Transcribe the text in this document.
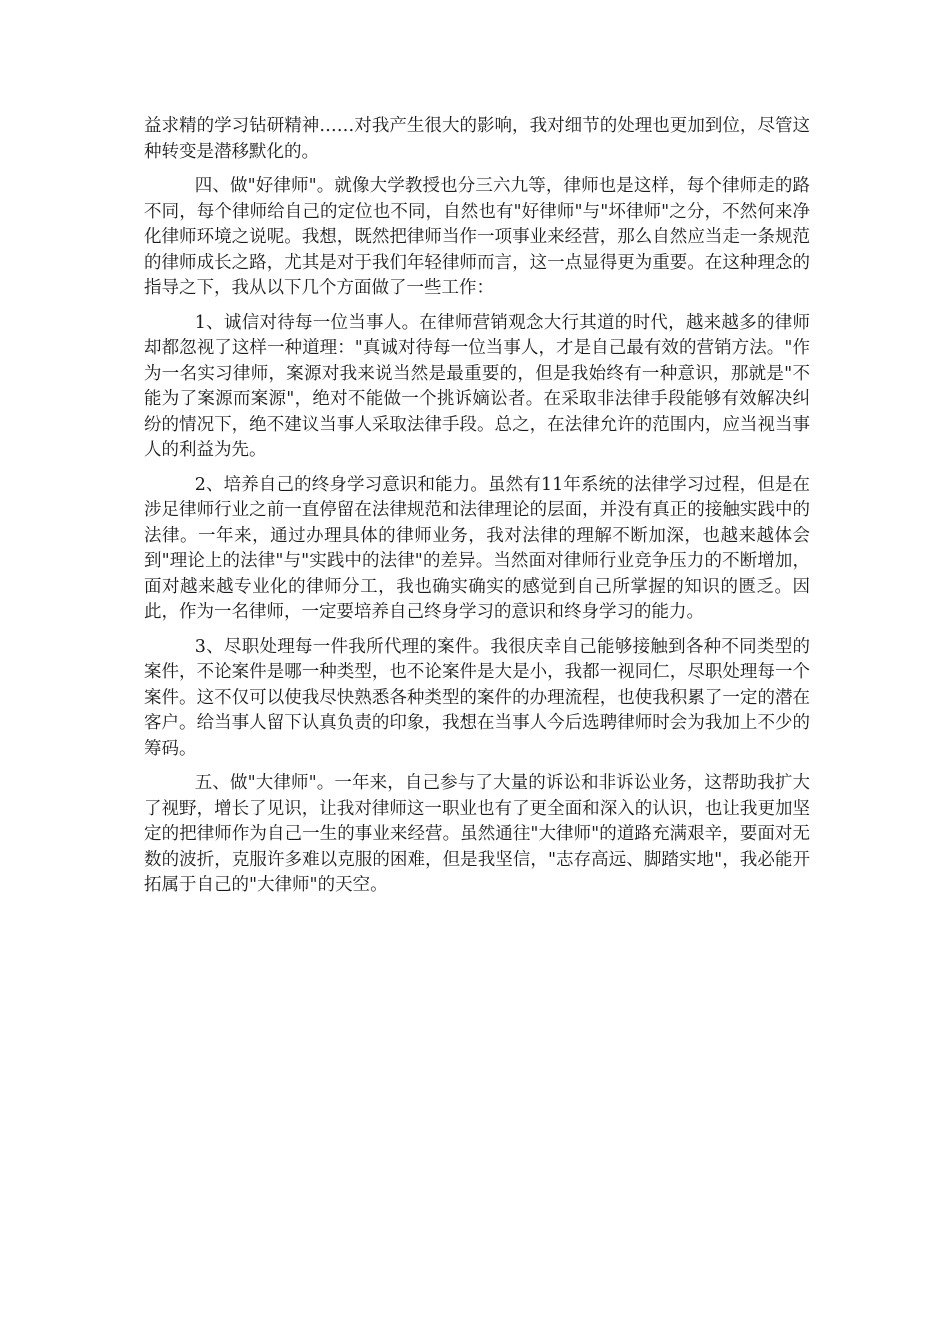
益求精的学习钻研精神……对我产生很大的影响，我对细节的处理也更加到位，尽管这种转变是潜移默化的。

四、做"好律师"。就像大学教授也分三六九等，律师也是这样，每个律师走的路不同，每个律师给自己的定位也不同，自然也有"好律师"与"坏律师"之分，不然何来净化律师环境之说呢。我想，既然把律师当作一项事业来经营，那么自然应当走一条规范的律师成长之路，尤其是对于我们年轻律师而言，这一点显得更为重要。在这种理念的指导之下，我从以下几个方面做了一些工作：

1、诚信对待每一位当事人。在律师营销观念大行其道的时代，越来越多的律师却都忽视了这样一种道理："真诚对待每一位当事人，才是自己最有效的营销方法。"作为一名实习律师，案源对我来说当然是最重要的，但是我始终有一种意识，那就是"不能为了案源而案源"，绝对不能做一个挑诉嫡讼者。在采取非法律手段能够有效解决纠纷的情况下，绝不建议当事人采取法律手段。总之，在法律允许的范围内，应当视当事人的利益为先。

2、培养自己的终身学习意识和能力。虽然有11年系统的法律学习过程，但是在涉足律师行业之前一直停留在法律规范和法律理论的层面，并没有真正的接触实践中的法律。一年来，通过办理具体的律师业务，我对法律的理解不断加深，也越来越体会到"理论上的法律"与"实践中的法律"的差异。当然面对律师行业竞争压力的不断增加，面对越来越专业化的律师分工，我也确实确实的感觉到自己所掌握的知识的匮乏。因此，作为一名律师，一定要培养自己终身学习的意识和终身学习的能力。

3、尽职处理每一件我所代理的案件。我很庆幸自己能够接触到各种不同类型的案件，不论案件是哪一种类型，也不论案件是大是小，我都一视同仁，尽职处理每一个案件。这不仅可以使我尽快熟悉各种类型的案件的办理流程，也使我积累了一定的潜在客户。给当事人留下认真负责的印象，我想在当事人今后选聘律师时会为我加上不少的筹码。

五、做"大律师"。一年来，自己参与了大量的诉讼和非诉讼业务，这帮助我扩大了视野，增长了见识，让我对律师这一职业也有了更全面和深入的认识，也让我更加坚定的把律师作为自己一生的事业来经营。虽然通往"大律师"的道路充满艰辛，要面对无数的波折，克服许多难以克服的困难，但是我坚信，"志存高远、脚踏实地"，我必能开拓属于自己的"大律师"的天空。
